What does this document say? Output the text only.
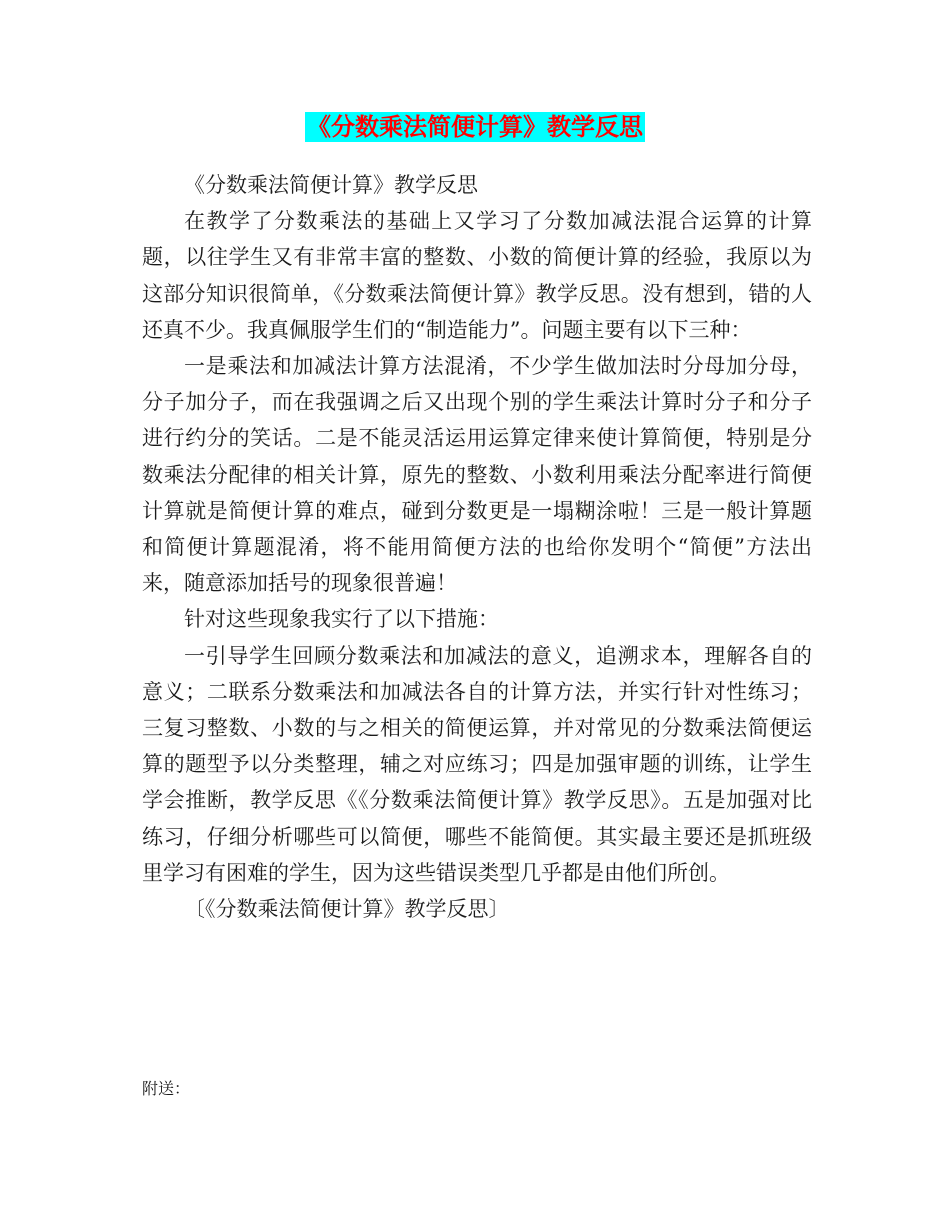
《分数乘法简便计算》教学反思

《分数乘法简便计算》教学反思

在教学了分数乘法的基础上又学习了分数加减法混合运算的计算题，以往学生又有非常丰富的整数、小数的简便计算的经验，我原以为这部分知识很简单，《分数乘法简便计算》教学反思。没有想到，错的人还真不少。我真佩服学生们的“制造能力”。问题主要有以下三种：

一是乘法和加减法计算方法混淆，不少学生做加法时分母加分母，分子加分子，而在我强调之后又出现个别的学生乘法计算时分子和分子进行约分的笑话。二是不能灵活运用运算定律来使计算简便，特别是分数乘法分配律的相关计算，原先的整数、小数利用乘法分配率进行简便计算就是简便计算的难点，碰到分数更是一塌糊涂啦！三是一般计算题和简便计算题混淆，将不能用简便方法的也给你发明个“简便”方法出来，随意添加括号的现象很普遍！

针对这些现象我实行了以下措施：

一引导学生回顾分数乘法和加减法的意义，追溯求本，理解各自的意义；二联系分数乘法和加减法各自的计算方法，并实行针对性练习；三复习整数、小数的与之相关的简便运算，并对常见的分数乘法简便运算的题型予以分类整理，辅之对应练习；四是加强审题的训练，让学生学会推断，教学反思《《分数乘法简便计算》教学反思》。五是加强对比练习，仔细分析哪些可以简便，哪些不能简便。其实最主要还是抓班级里学习有困难的学生，因为这些错误类型几乎都是由他们所创。

〔《分数乘法简便计算》教学反思〕

附送：
